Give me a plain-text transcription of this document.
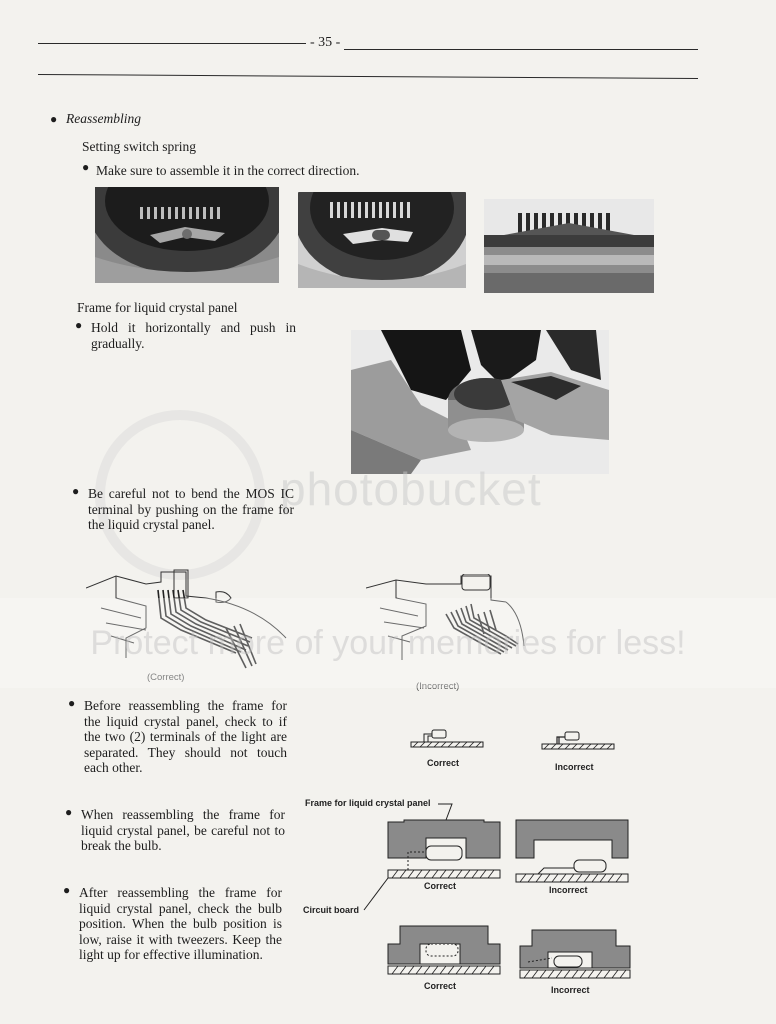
- 35 -
● Reassembling
Setting switch spring
● Make sure to assemble it in the correct direction.
Frame for liquid crystal panel
● Hold it horizontally and push in gradually.
photobucket
● Be careful not to bend the MOS IC terminal by pushing on the frame for the liquid crystal panel.
(Correct)
(Incorrect)
Protect more of your memories for less!
● Before reassembling the frame for the liquid crystal panel, check to if the two (2) terminals of the light are separated. They should not touch each other.	Correct	Incorrect
● When reassembling the frame for liquid crystal panel, be careful not to break the bulb.
● After reassembling the frame for liquid crystal panel, check the bulb position. When the bulb position is low, raise it with tweezers. Keep the light up for effective illumination.
Frame for liquid crystal panel
Correct	Incorrect
Circuit board
Correct	Incorrect
